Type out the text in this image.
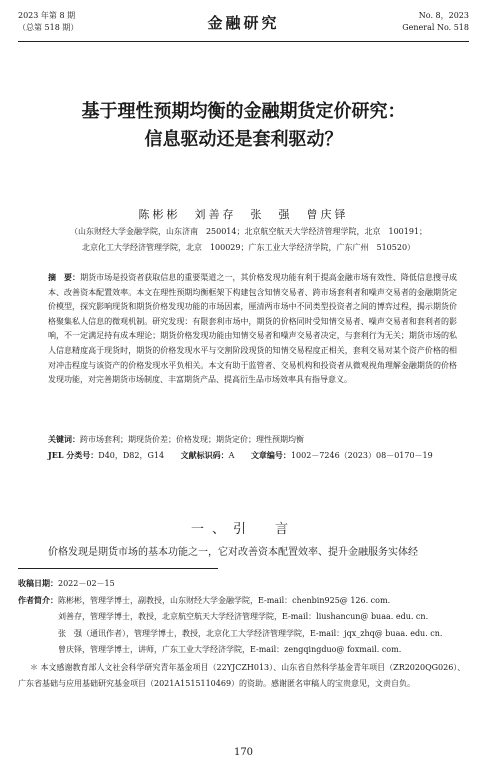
2023 年第 8 期
（总第 518 期）	金融研究	No. 8，2023
General No. 518
基于理性预期均衡的金融期货定价研究：
信息驱动还是套利驱动？
陈彬彬　刘善存　张　强　曾庆铎
（山东财经大学金融学院，山东济南　250014；北京航空航天大学经济管理学院，北京　100191；
北京化工大学经济管理学院，北京　100029；广东工业大学经济学院，广东广州　510520）
摘　要：期货市场是投资者获取信息的重要渠道之一，其价格发现功能有利于提高金融市场有效性、降低信息搜寻成本、改善资本配置效率。本文在理性预期均衡框架下构建包含知情交易者、跨市场套利者和噪声交易者的金融期货定价模型，探究影响现货和期货价格发现功能的市场因素，厘清两市场中不同类型投资者之间的博弈过程，揭示期货价格聚集私人信息的微观机制。研究发现：有限套利市场中，期货的价格同时受知情交易者、噪声交易者和套利者的影响，不一定满足持有成本理论；期货价格发现功能由知情交易者和噪声交易者决定，与套利行为无关；期货市场的私人信息精度高于现货时，期货的价格发现水平与交割阶段现货的知情交易程度正相关，套利交易对某个资产价格的相对冲击程度与该资产的价格发现水平负相关。本文有助于监管者、交易机构和投资者从微观视角理解金融期货的价格发现功能，对完善期货市场制度、丰富期货产品、提高衍生品市场效率具有指导意义。
关键词：跨市场套利；期现货价差；价格发现；期货定价；理性预期均衡
JEL 分类号：D40，D82，G14 文献标识码：A 文章编号：1002－7246（2023）08－0170－19
一、引　言
价格发现是期货市场的基本功能之一，它对改善资本配置效率、提升金融服务实体经
收稿日期：2022－02－15
作者简介：陈彬彬，管理学博士，副教授，山东财经大学金融学院，E-mail：chenbin925@ 126. com.
刘善存，管理学博士，教授，北京航空航天大学经济管理学院，E-mail：liushancun@ buaa. edu. cn.
张　强（通讯作者），管理学博士，教授，北京化工大学经济管理学院，E-mail：jqx_zhq@ buaa. edu. cn.
曾庆铎，管理学博士，讲师，广东工业大学经济学院，E-mail：zengqingduo@ foxmail. com.
＊ 本文感谢教育部人文社会科学研究青年基金项目（22YJCZH013）、山东省自然科学基金青年项目（ZR2020QG026）、广东省基础与应用基础研究基金项目（2021A1515110469）的资助。感谢匿名审稿人的宝贵意见，文责自负。
170
